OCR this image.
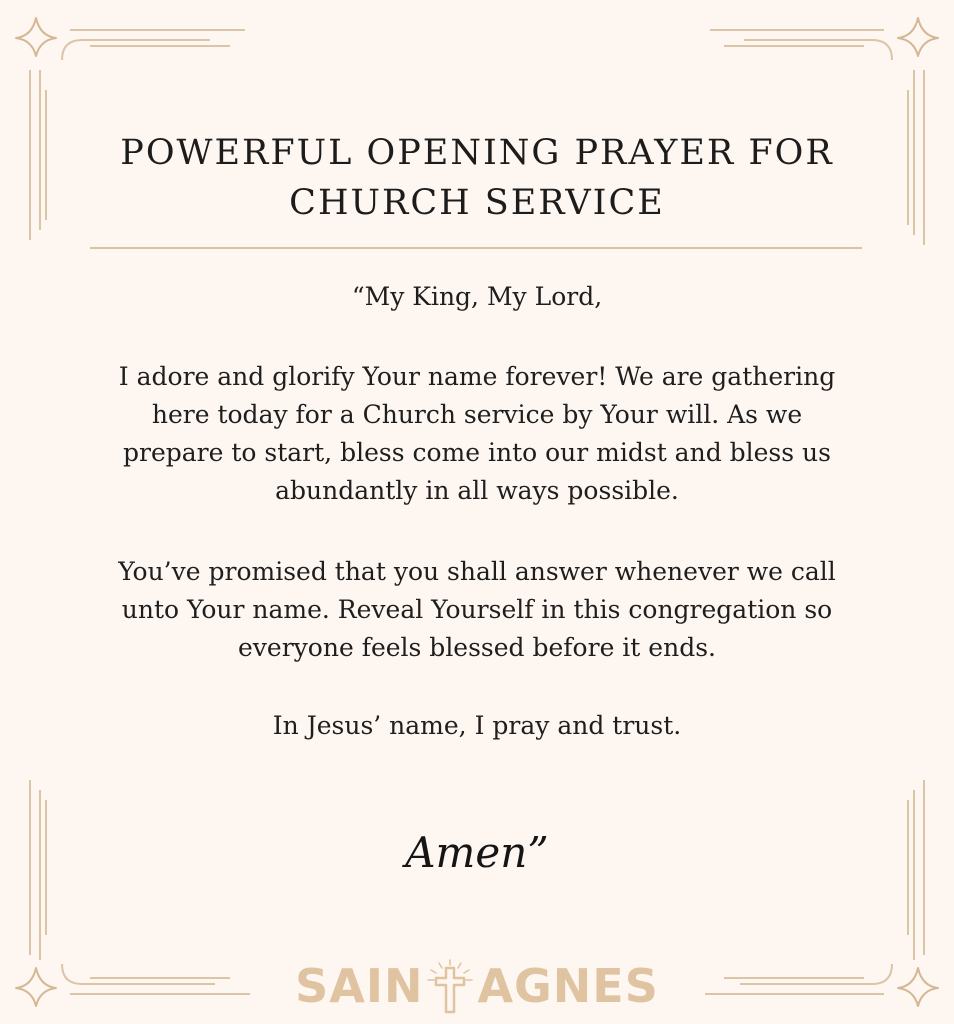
POWERFUL OPENING PRAYER FOR
CHURCH SERVICE

“My King, My Lord,

I adore and glorify Your name forever! We are gathering
here today for a Church service by Your will. As we
prepare to start, bless come into our midst and bless us
abundantly in all ways possible.

You’ve promised that you shall answer whenever we call
unto Your name. Reveal Yourself in this congregation so
everyone feels blessed before it ends.

In Jesus’ name, I pray and trust.

Amen”

SAIN AGNES
